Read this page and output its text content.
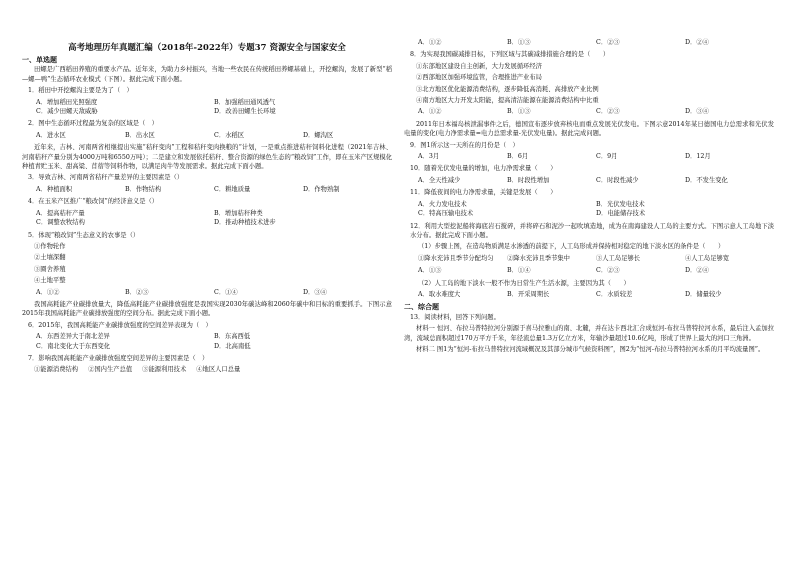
高考地理历年真题汇编（2018年-2022年）专题37 资源安全与国家安全
一、单选题
田螺是广西稻田养殖的重要水产品。近年来，为助力乡村振兴，当地一些农民在传统稻田养螺基础上，开挖螺沟，发展了新型“稻—螺—鸭”生态循环农业模式（下图）。据此完成下面小题。
1．稻田中开挖螺沟主要是为了（　）
A．增加稻田光照强度	B．加强稻田通风透气
C．减少田螺天敌威胁	D．改善田螺生长环境
2．图中生态循环过程最为复杂的区域是（　）
A．进水区	B．出水区	C．水稻区	D．螺沟区
近年来，吉林、河南两省相继提出实施“秸秆变肉”工程和秸秆变肉换粮的“计划，一是重点推进秸秆饲料化进程（2021年吉林、河南秸秆产量分别为4000万吨和6550万吨）；二是建立和发展依托秸秆、整合资源的绿色生态的“粮改饲”工作，即在玉米产区规模化种植青贮玉米、甜高粱、苜蓿等饲料作物，以满足肉牛等发展需求。据此完成下面小题。
3．导致吉林、河南两省秸秆产量差异的主要因素是（）
A．种植面积	B．作物结构	C．耕地质量	D．作物熟制
4．在玉米产区推广“粮改饲”的经济意义是（）
A．提高秸秆产量	B．增加秸秆种类
C．调整农牧结构	D．推动种植技术进步
5．体现“粮改饲”生态意义的农事是（）
①作物轮作
②土壤深翻
③圈舍养殖
④土地平整
A．①②	B．②③	C．①④	D．③④
我国高耗能产业碳排放量大，降低高耗能产业碳排放强度是我国实现2030年碳达峰和2060年碳中和目标的重要抓手。下图示意2015年我国高耗能产业碳排放强度的空间分布。据此完成下面小题。
6．2015年，我国高耗能产业碳排放强度的空间差异表现为（　）
A．东西差异大于南北差异	B．东高西低
C．南北变化大于东西变化	D．北高南低
7．影响我国高耗能产业碳排放强度空间差异的主要因素是（　）
①能源消费结构 ②国内生产总值 ③能源利用技术 ④地区人口总量
A．①②	B．①③	C．②③	D．②④
8．为实现我国碳减排目标，下列区域与其碳减排措施合理的是（　　）
①东部地区建设自主创新，大力发展循环经济
②西部地区加强环境监管，合理推进产业布局
③北方地区优化能源消费结构，逐步降低高消耗、高排放产业比例
④南方地区大力开发太阳能，提高清洁能源在能源消费结构中比重
A．①②	B．①③	C．②③	D．③④
2011年日本福岛核泄漏事件之后，德国宣布逐步放弃核电而重点发展光伏发电。下图示意2014年某日德国电力总需求和光伏发电量的变化(电力净需求量=电力总需求量-光伏发电量)。据此完成问题。
9．图1所示这一天所在的月份是（　）
A．3月	B．6月	C．9月	D．12月
10．随着光伏发电量的增加，电力净需求量（　　）
A．全天性减少	B．时段性增加	C．时段性减少	D．不发生变化
11．降低夜间的电力净需求量，关键是发展（　　）
A．火力发电技术	B．光伏发电技术
C．特高压输电技术	D．电能储存技术
12．利用大型挖泥船将海底岩石搅碎，并将碎石和泥沙一起吹填造地，成为在南海建设人工岛的主要方式。下图示意人工岛地下淡水分布。据此完成下面小题。
（1）步骤上图，在造岛物质满足水渗透的前提下，人工岛形成并保持相对稳定的地下淡水区的条件是（　　）
①降水充沛且季节分配均匀	②降水充沛且季节集中	③人工岛足够长	④人工岛足够宽
A．①③	B．①④	C．②③	D．②④
（2）人工岛的地下淡水一般不作为日常生产生活水源，主要因为其（　　）
A．取水难度大	B．开采周期长	C．水质较差	D．储量较少
二、综合题
13．阅读材料，回答下列问题。
材料一 恒河、布拉马普特拉河分别源于喜马拉雅山的南、北麓，并在达卡西北汇合成恒河-布拉马普特拉河水系，最后注入孟加拉湾，流域总面积超过170万平方千米，年径流总量1.3万亿立方米，年输沙量超过10.6亿吨，形成了世界上最大的河口三角洲。
材料二 图1为“恒河-布拉马普特拉河流域概况及其部分城市气候资料图”，图2为“恒河-布拉马普特拉河水系的月平均流量图”。
